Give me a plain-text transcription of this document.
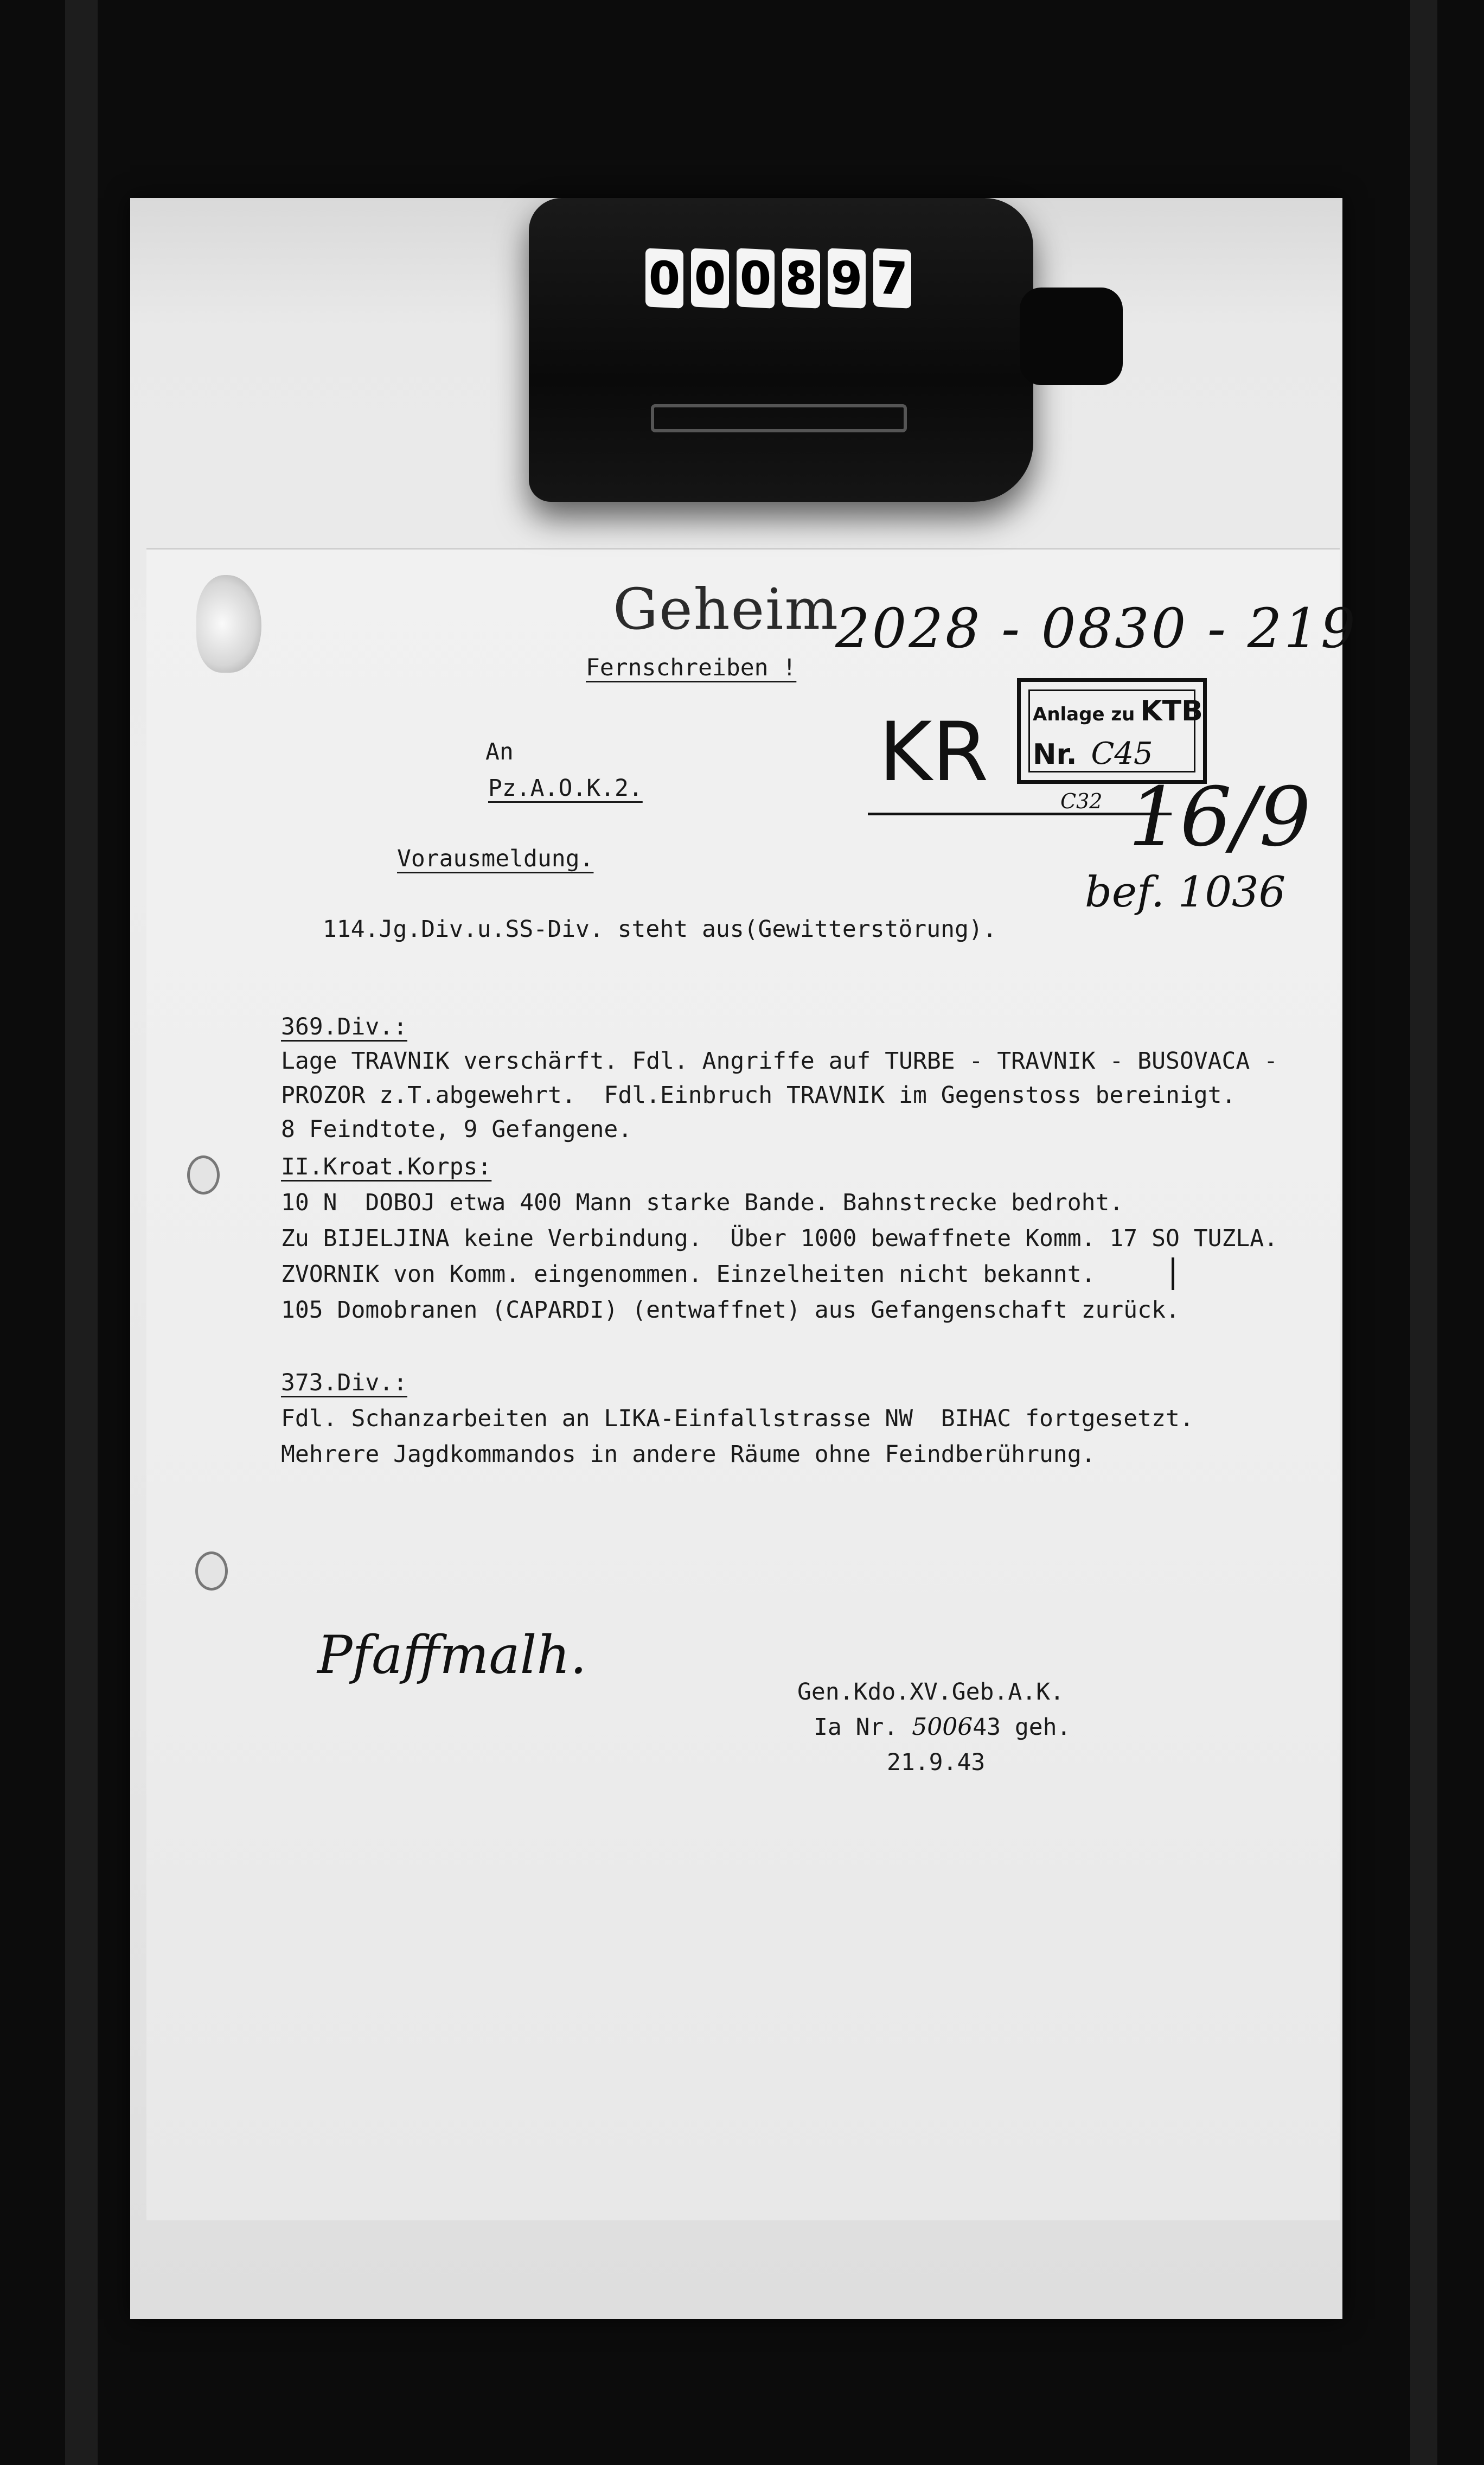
0 0 0 8 9 7
Geheim
Fernschreiben !
2028 - 0830 - 219
Anlage zu KTB
Nr. C45
KR
C32 16/9
bef. 1036
An
Pz.A.O.K.2.
Vorausmeldung.
114.Jg.Div.u.SS-Div. steht aus(Gewitterstörung).
369.Div.:
Lage TRAVNIK verschärft. Fdl. Angriffe auf TURBE - TRAVNIK - BUSOVACA -
PROZOR z.T.abgewehrt.  Fdl.Einbruch TRAVNIK im Gegenstoss bereinigt.
8 Feindtote, 9 Gefangene.
II.Kroat.Korps:
10 N  DOBOJ etwa 400 Mann starke Bande. Bahnstrecke bedroht.
Zu BIJELJINA keine Verbindung.  Über 1000 bewaffnete Komm. 17 SO TUZLA.
ZVORNIK von Komm. eingenommen. Einzelheiten nicht bekannt.
105 Domobranen (CAPARDI) (entwaffnet) aus Gefangenschaft zurück.
373.Div.:
Fdl. Schanzarbeiten an LIKA-Einfallstrasse NW  BIHAC fortgesetzt.
Mehrere Jagdkommandos in andere Räume ohne Feindberührung.
Pfaffmalh.
Gen.Kdo.XV.Geb.A.K.
Ia Nr. 500643 geh.
21.9.43
